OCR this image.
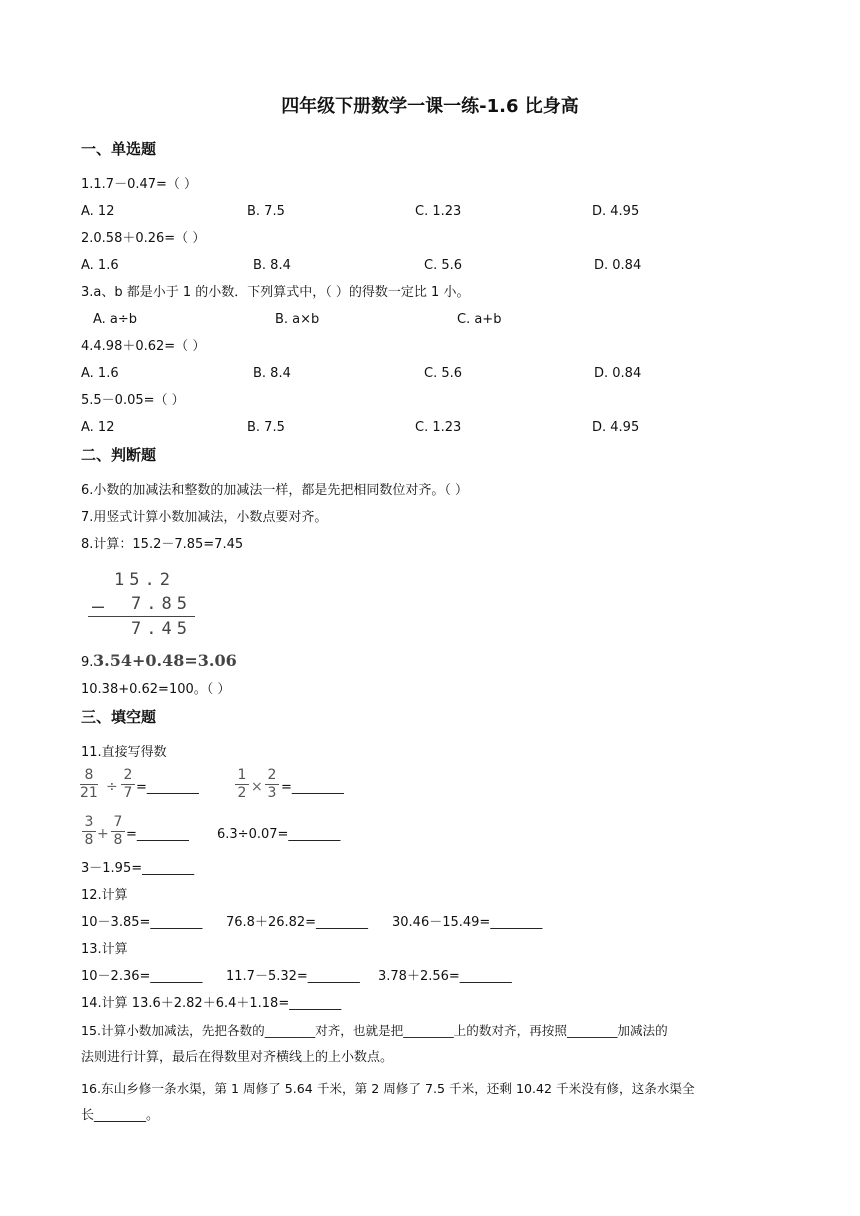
四年级下册数学一课一练-1.6 比身高
一、单选题
1.1.7－0.47=（ ）
A. 12	B. 7.5	C. 1.23	D. 4.95
2.0.58＋0.26=（ ）
A. 1.6	B. 8.4	C. 5.6	D. 0.84
3.a、b 都是小于 1 的小数．下列算式中，（ ）的得数一定比 1 小。
A. a÷b	B. a×b	C. a+b
4.4.98＋0.62=（ ）
A. 1.6	B. 8.4	C. 5.6	D. 0.84
5.5－0.05=（ ）
A. 12	B. 7.5	C. 1.23	D. 4.95
二、判断题
6.小数的加减法和整数的加减法一样，都是先把相同数位对齐。（ ）
7.用竖式计算小数加减法，小数点要对齐。
8.计算：15.2－7.85=7.45
15.2
— 7.85
7.45
9. 3.54+0.48=3.06
10.38+0.62=100。（ ）
三、填空题
11.直接写得数
8
21 ÷
2
7 =________
1
2 ×
2
3 =________
3
8 +
7
8 =________ 6.3÷0.07=________
3－1.95=________
12.计算
10－3.85=________ 76.8＋26.82=________ 30.46－15.49=________
13.计算
10－2.36=________ 11.7－5.32=________ 3.78＋2.56=________
14.计算 13.6＋2.82＋6.4＋1.18=________
15.计算小数加减法，先把各数的________对齐，也就是把________上的数对齐，再按照________加减法的
法则进行计算，最后在得数里对齐横线上的上小数点。
16.东山乡修一条水渠，第 1 周修了 5.64 千米，第 2 周修了 7.5 千米，还剩 10.42 千米没有修，这条水渠全
长________。
